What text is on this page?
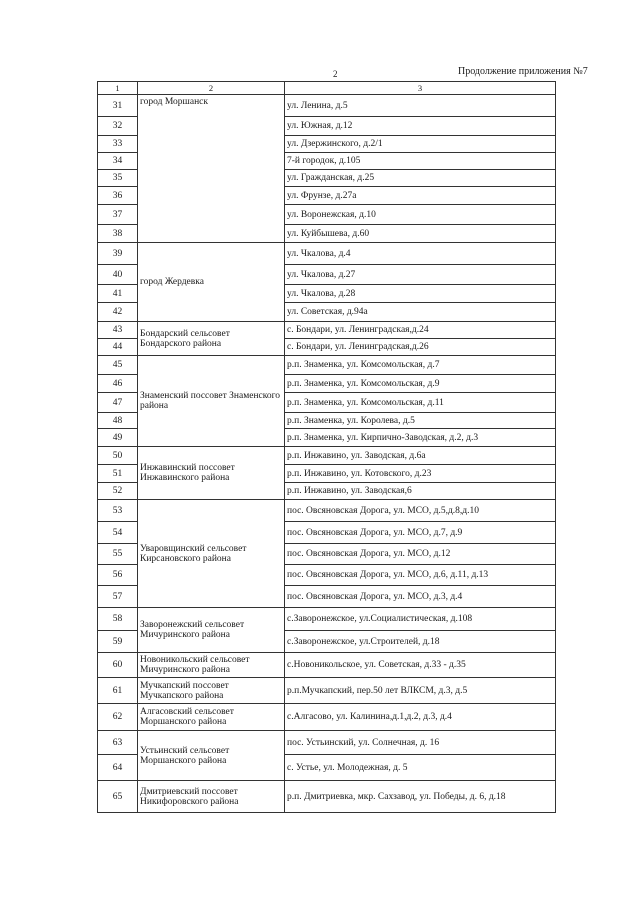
2	Продолжение приложения №7
1	2	3
31	город Моршанск	ул. Ленина, д.5
32		ул. Южная, д.12
33		ул. Дзержинского, д.2/1
34		7-й городок, д.105
35		ул. Гражданская, д.25
36		ул. Фрунзе, д.27а
37		ул. Воронежская, д.10
38		ул. Куйбышева, д.60
39	город Жердевка	ул. Чкалова, д.4
40		ул. Чкалова, д.27
41		ул. Чкалова, д.28
42		ул. Советская, д.94а
43	Бондарский сельсовет Бондарского района	с. Бондари, ул. Ленинградская,д.24
44		с. Бондари, ул. Ленинградская,д.26
45	Знаменский поссовет Знаменского района	р.п. Знаменка, ул. Комсомольская, д.7
46		р.п. Знаменка, ул. Комсомольская, д.9
47		р.п. Знаменка, ул. Комсомольская, д.11
48		р.п. Знаменка, ул. Королева, д.5
49		р.п. Знаменка, ул. Кирпично-Заводская, д.2, д.3
50	Инжавинский поссовет Инжавинского района	р.п. Инжавино, ул. Заводская, д.6а
51		р.п. Инжавино, ул. Котовского, д.23
52		р.п. Инжавино, ул. Заводская,6
53	Уваровщинский сельсовет Кирсановского района	пос. Овсяновская Дорога, ул. МСО, д.5,д.8,д.10
54		пос. Овсяновская Дорога, ул. МСО, д.7, д.9
55		пос. Овсяновская Дорога, ул. МСО, д.12
56		пос. Овсяновская Дорога, ул. МСО, д.6, д.11, д.13
57		пос. Овсяновская Дорога, ул. МСО, д.3, д.4
58	Заворонежский сельсовет Мичуринского района	с.Заворонежское, ул.Социалистическая, д.108
59		с.Заворонежское, ул.Строителей, д.18
60	Новоникольский сельсовет Мичуринского района	с.Новоникольское, ул. Советская, д.33 - д.35
61	Мучкапский поссовет Мучкапского района	р.п.Мучкапский, пер.50 лет ВЛКСМ, д.3, д.5
62	Алгасовский сельсовет Моршанского района	с.Алгасово, ул. Калинина,д.1,д.2, д.3, д.4
63	Устьинский сельсовет Моршанского района	пос. Устьинский, ул. Солнечная, д. 16
64		с. Устье, ул. Молодежная, д. 5
65	Дмитриевский поссовет Никифоровского района	р.п. Дмитриевка, мкр. Сахзавод, ул. Победы, д. 6, д.18
